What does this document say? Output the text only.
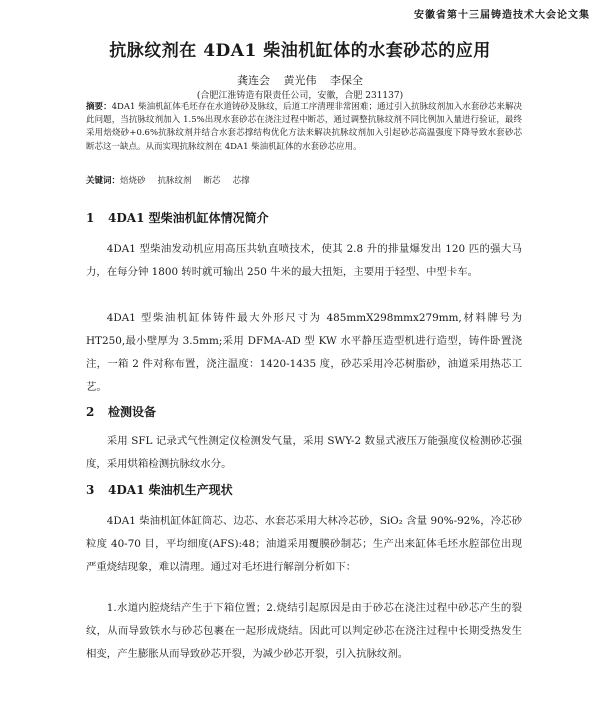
安徽省第十三届铸造技术大会论文集
抗脉纹剂在 4DA1 柴油机缸体的水套砂芯的应用
龚连会 黄光伟 李保全
(合肥江淮铸造有限责任公司，安徽，合肥 231137)
摘要：4DA1 柴油机缸体毛坯存在水道铸砂及脉纹，后道工序清理非常困难；通过引入抗脉纹剂加入水套砂芯来解决此问题，当抗脉纹剂加入 1.5%出现水套砂芯在浇注过程中断芯，通过调整抗脉纹剂不同比例加入量进行验证，最终采用焙烧砂+0.6%抗脉纹剂并结合水套芯撑结构优化方法来解决抗脉纹剂加入引起砂芯高温强度下降导致水套砂芯断芯这一缺点。从而实现抗脉纹剂在 4DA1 柴油机缸体的水套砂芯应用。
关键词：焙烧砂 抗脉纹剂 断芯 芯撑
1 4DA1 型柴油机缸体情况简介
4DA1 型柴油发动机应用高压共轨直喷技术，使其 2.8 升的排量爆发出 120 匹的强大马力，在每分钟 1800 转时就可输出 250 牛米的最大扭矩，主要用于轻型、中型卡车。
4DA1 型柴油机缸体铸件最大外形尺寸为 485mmX298mmx279mm,材料牌号为HT250,最小壁厚为 3.5mm;采用 DFMA-AD 型 KW 水平静压造型机进行造型，铸件卧置浇注，一箱 2 件对称布置，浇注温度：1420-1435 度，砂芯采用冷芯树脂砂，油道采用热芯工艺。
2 检测设备
采用 SFL 记录式气性测定仪检测发气量，采用 SWY-2 数显式液压万能强度仪检测砂芯强度，采用烘箱检测抗脉纹水分。
3 4DA1 柴油机生产现状
4DA1 柴油机缸体缸筒芯、边芯、水套芯采用大林冷芯砂，SiO₂ 含量 90%-92%，冷芯砂粒度 40-70 目，平均细度(AFS):48；油道采用覆膜砂制芯；生产出来缸体毛坯水腔部位出现严重烧结现象，难以清理。通过对毛坯进行解剖分析如下：
1.水道内腔烧结产生于下箱位置；2.烧结引起原因是由于砂芯在浇注过程中砂芯产生的裂纹，从而导致铁水与砂芯包裹在一起形成烧结。因此可以判定砂芯在浇注过程中长期受热发生相变，产生膨胀从而导致砂芯开裂，为减少砂芯开裂，引入抗脉纹剂。
